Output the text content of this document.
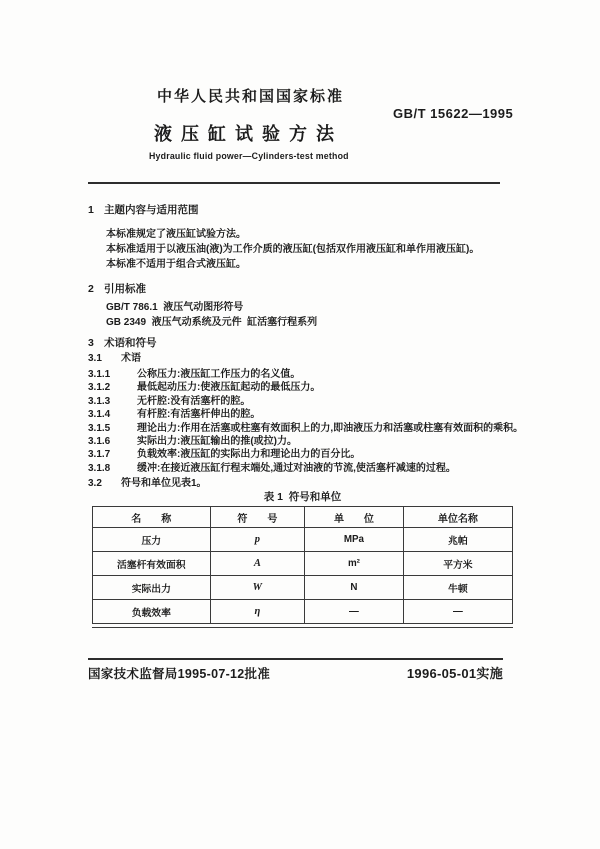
中华人民共和国国家标准
GB/T 15622—1995
液压缸试验方法
Hydraulic fluid power—Cylinders-test method
1 主题内容与适用范围
本标准规定了液压缸试验方法。
本标准适用于以液压油(液)为工作介质的液压缸(包括双作用液压缸和单作用液压缸)。
本标准不适用于组合式液压缸。
2 引用标准
GB/T 786.1  液压气动图形符号
GB 2349  液压气动系统及元件  缸活塞行程系列
3 术语和符号
3.1	术语
3.1.1	公称压力:液压缸工作压力的名义值。
3.1.2	最低起动压力:使液压缸起动的最低压力。
3.1.3	无杆腔:没有活塞杆的腔。
3.1.4	有杆腔:有活塞杆伸出的腔。
3.1.5	理论出力:作用在活塞或柱塞有效面积上的力,即油液压力和活塞或柱塞有效面积的乘积。
3.1.6	实际出力:液压缸输出的推(或拉)力。
3.1.7	负载效率:液压缸的实际出力和理论出力的百分比。
3.1.8	缓冲:在接近液压缸行程末端处,通过对油液的节流,使活塞杆减速的过程。
3.2	符号和单位见表1。
表 1  符号和单位
名　　称	符　　号	单　　位	单位名称
压力	p	MPa	兆帕
活塞杆有效面积	A	m²	平方米
实际出力	W	N	牛顿
负载效率	η	—	—
国家技术监督局1995-07-12批准	1996-05-01实施
